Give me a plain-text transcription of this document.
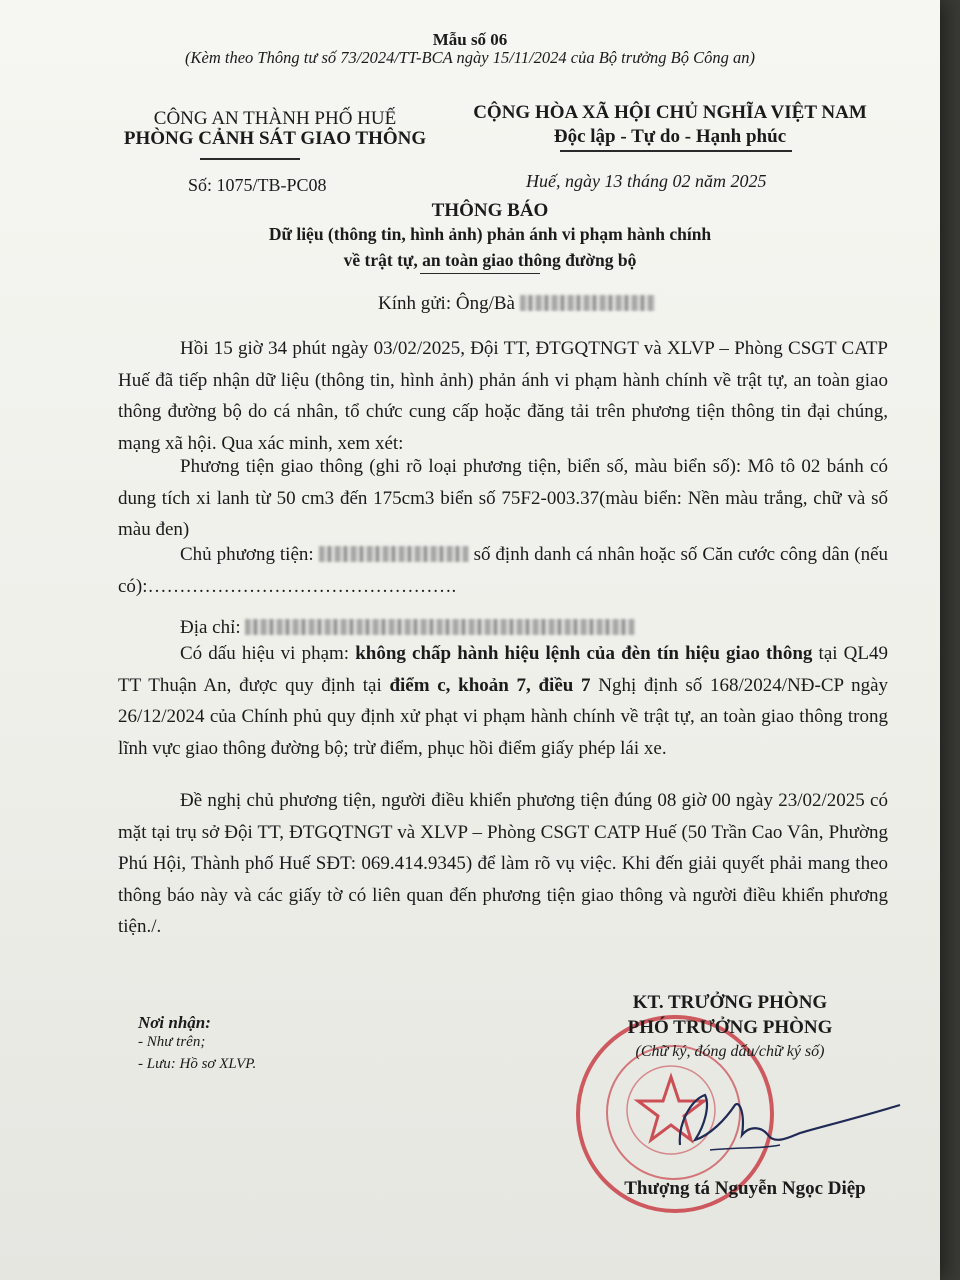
Mẫu số 06
(Kèm theo Thông tư số 73/2024/TT-BCA ngày 15/11/2024 của Bộ trưởng Bộ Công an)
CÔNG AN THÀNH PHỐ HUẾ
PHÒNG CẢNH SÁT GIAO THÔNG
CỘNG HÒA XÃ HỘI CHỦ NGHĨA VIỆT NAM
Độc lập - Tự do - Hạnh phúc
Số: 1075/TB-PC08	Huế, ngày 13 tháng 02 năm 2025
THÔNG BÁO
Dữ liệu (thông tin, hình ảnh) phản ánh vi phạm hành chính
về trật tự, an toàn giao thông đường bộ
Kính gửi: Ông/Bà
Hồi 15 giờ 34 phút ngày 03/02/2025, Đội TT, ĐTGQTNGT và XLVP – Phòng CSGT CATP Huế đã tiếp nhận dữ liệu (thông tin, hình ảnh) phản ánh vi phạm hành chính về trật tự, an toàn giao thông đường bộ do cá nhân, tổ chức cung cấp hoặc đăng tải trên phương tiện thông tin đại chúng, mạng xã hội. Qua xác minh, xem xét:
Phương tiện giao thông (ghi rõ loại phương tiện, biển số, màu biển số): Mô tô 02 bánh có dung tích xi lanh từ 50 cm3 đến 175cm3 biển số 75F2-003.37(màu biển: Nền màu trắng, chữ và số màu đen)
Chủ phương tiện:	số định danh cá nhân hoặc số Căn cước công dân (nếu có):………………………………………….
Địa chỉ:
Có dấu hiệu vi phạm: không chấp hành hiệu lệnh của đèn tín hiệu giao thông tại QL49 TT Thuận An, được quy định tại điểm c, khoản 7, điều 7 Nghị định số 168/2024/NĐ-CP ngày 26/12/2024 của Chính phủ quy định xử phạt vi phạm hành chính về trật tự, an toàn giao thông trong lĩnh vực giao thông đường bộ; trừ điểm, phục hồi điểm giấy phép lái xe.
Đề nghị chủ phương tiện, người điều khiển phương tiện đúng 08 giờ 00 ngày 23/02/2025 có mặt tại trụ sở Đội TT, ĐTGQTNGT và XLVP – Phòng CSGT CATP Huế (50 Trần Cao Vân, Phường Phú Hội, Thành phố Huế SĐT: 069.414.9345) để làm rõ vụ việc. Khi đến giải quyết phải mang theo thông báo này và các giấy tờ có liên quan đến phương tiện giao thông và người điều khiển phương tiện./.
Nơi nhận:
- Như trên;
- Lưu: Hồ sơ XLVP.
KT. TRƯỞNG PHÒNG
PHÓ TRƯỞNG PHÒNG
(Chữ ký, đóng dấu/chữ ký số)
Thượng tá Nguyễn Ngọc Diệp
